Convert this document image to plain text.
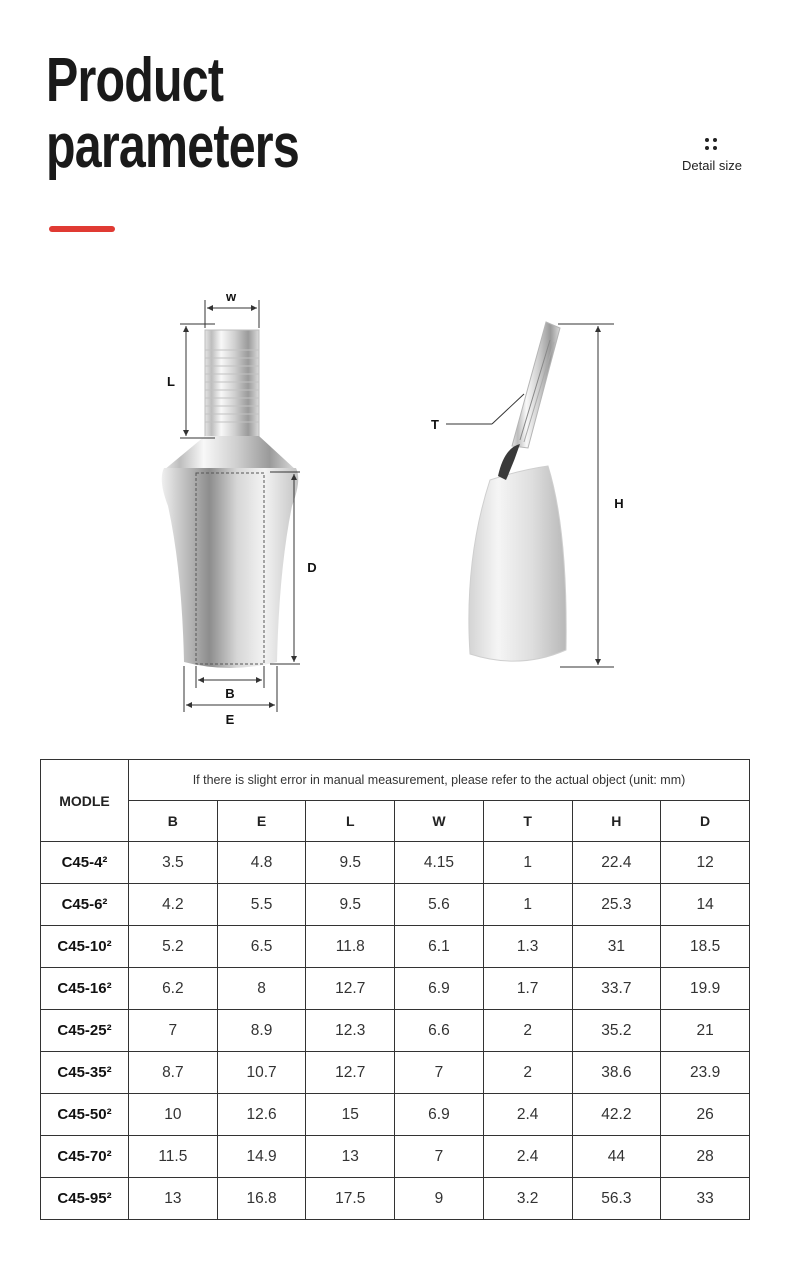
Product
parameters	Detail size
w
L
D
B
E
T
H
MODLE	If there is slight error in manual measurement, please refer to the actual object (unit: mm)						
	B	E	L	W	T	H	D
C45-4²	3.5	4.8	9.5	4.15	1	22.4	12
C45-6²	4.2	5.5	9.5	5.6	1	25.3	14
C45-10²	5.2	6.5	11.8	6.1	1.3	31	18.5
C45-16²	6.2	8	12.7	6.9	1.7	33.7	19.9
C45-25²	7	8.9	12.3	6.6	2	35.2	21
C45-35²	8.7	10.7	12.7	7	2	38.6	23.9
C45-50²	10	12.6	15	6.9	2.4	42.2	26
C45-70²	11.5	14.9	13	7	2.4	44	28
C45-95²	13	16.8	17.5	9	3.2	56.3	33
